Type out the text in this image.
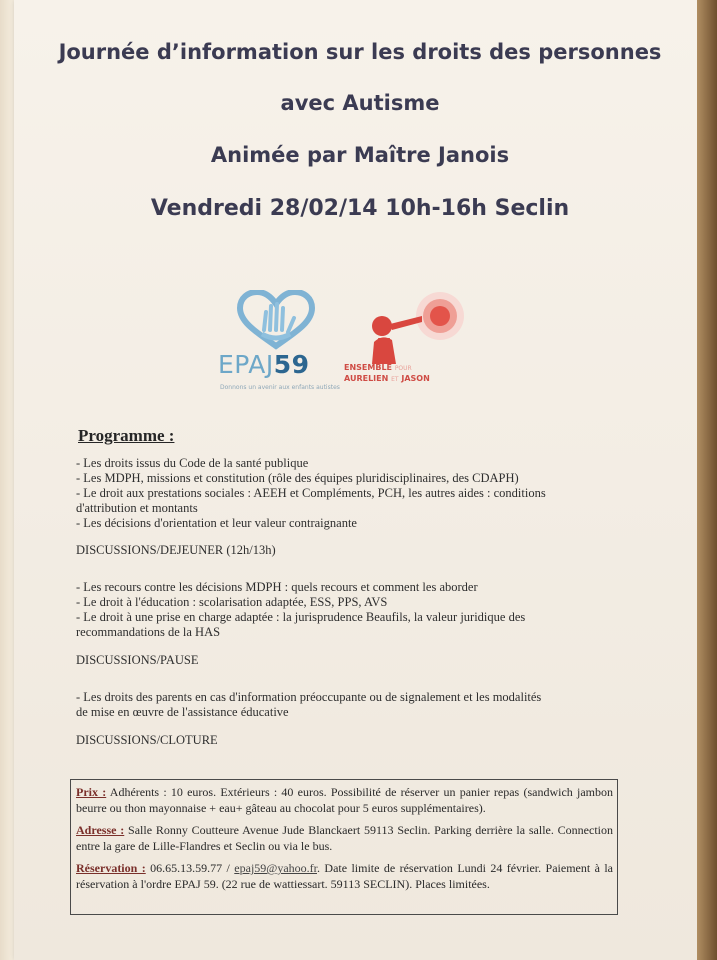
Journée d’information sur les droits des personnes
avec Autisme
Animée par Maître Janois
Vendredi 28/02/14 10h-16h Seclin
EPAJ59
Donnons un avenir aux enfants autistes
ENSEMBLE POUR
AURELIEN ET JASON
Programme :

- Les droits issus du Code de la santé publique

- Les MDPH, missions et constitution (rôle des équipes pluridisciplinaires, des CDAPH)

- Le droit aux prestations sociales : AEEH et Compléments, PCH, les autres aides : conditions

d'attribution et montants

- Les décisions d'orientation et leur valeur contraignante

DISCUSSIONS/DEJEUNER (12h/13h)

- Les recours contre les décisions MDPH : quels recours et comment les aborder

- Le droit à l'éducation : scolarisation adaptée, ESS, PPS, AVS

- Le droit à une prise en charge adaptée : la jurisprudence Beaufils, la valeur juridique des

recommandations de la HAS

DISCUSSIONS/PAUSE

- Les droits des parents en cas d'information préoccupante ou de signalement et les modalités

de mise en œuvre de l'assistance éducative

DISCUSSIONS/CLOTURE

Prix : Adhérents : 10 euros. Extérieurs : 40 euros. Possibilité de réserver un panier repas (sandwich jambon beurre ou thon mayonnaise + eau+ gâteau au chocolat pour 5 euros supplémentaires).

Adresse : Salle Ronny Coutteure Avenue Jude Blanckaert 59113 Seclin. Parking derrière la salle. Connection entre la gare de Lille-Flandres et Seclin ou via le bus.

Réservation : 06.65.13.59.77 / epaj59@yahoo.fr. Date limite de réservation Lundi 24 février. Paiement à la réservation à l'ordre EPAJ 59. (22 rue de wattiessart. 59113 SECLIN). Places limitées.
